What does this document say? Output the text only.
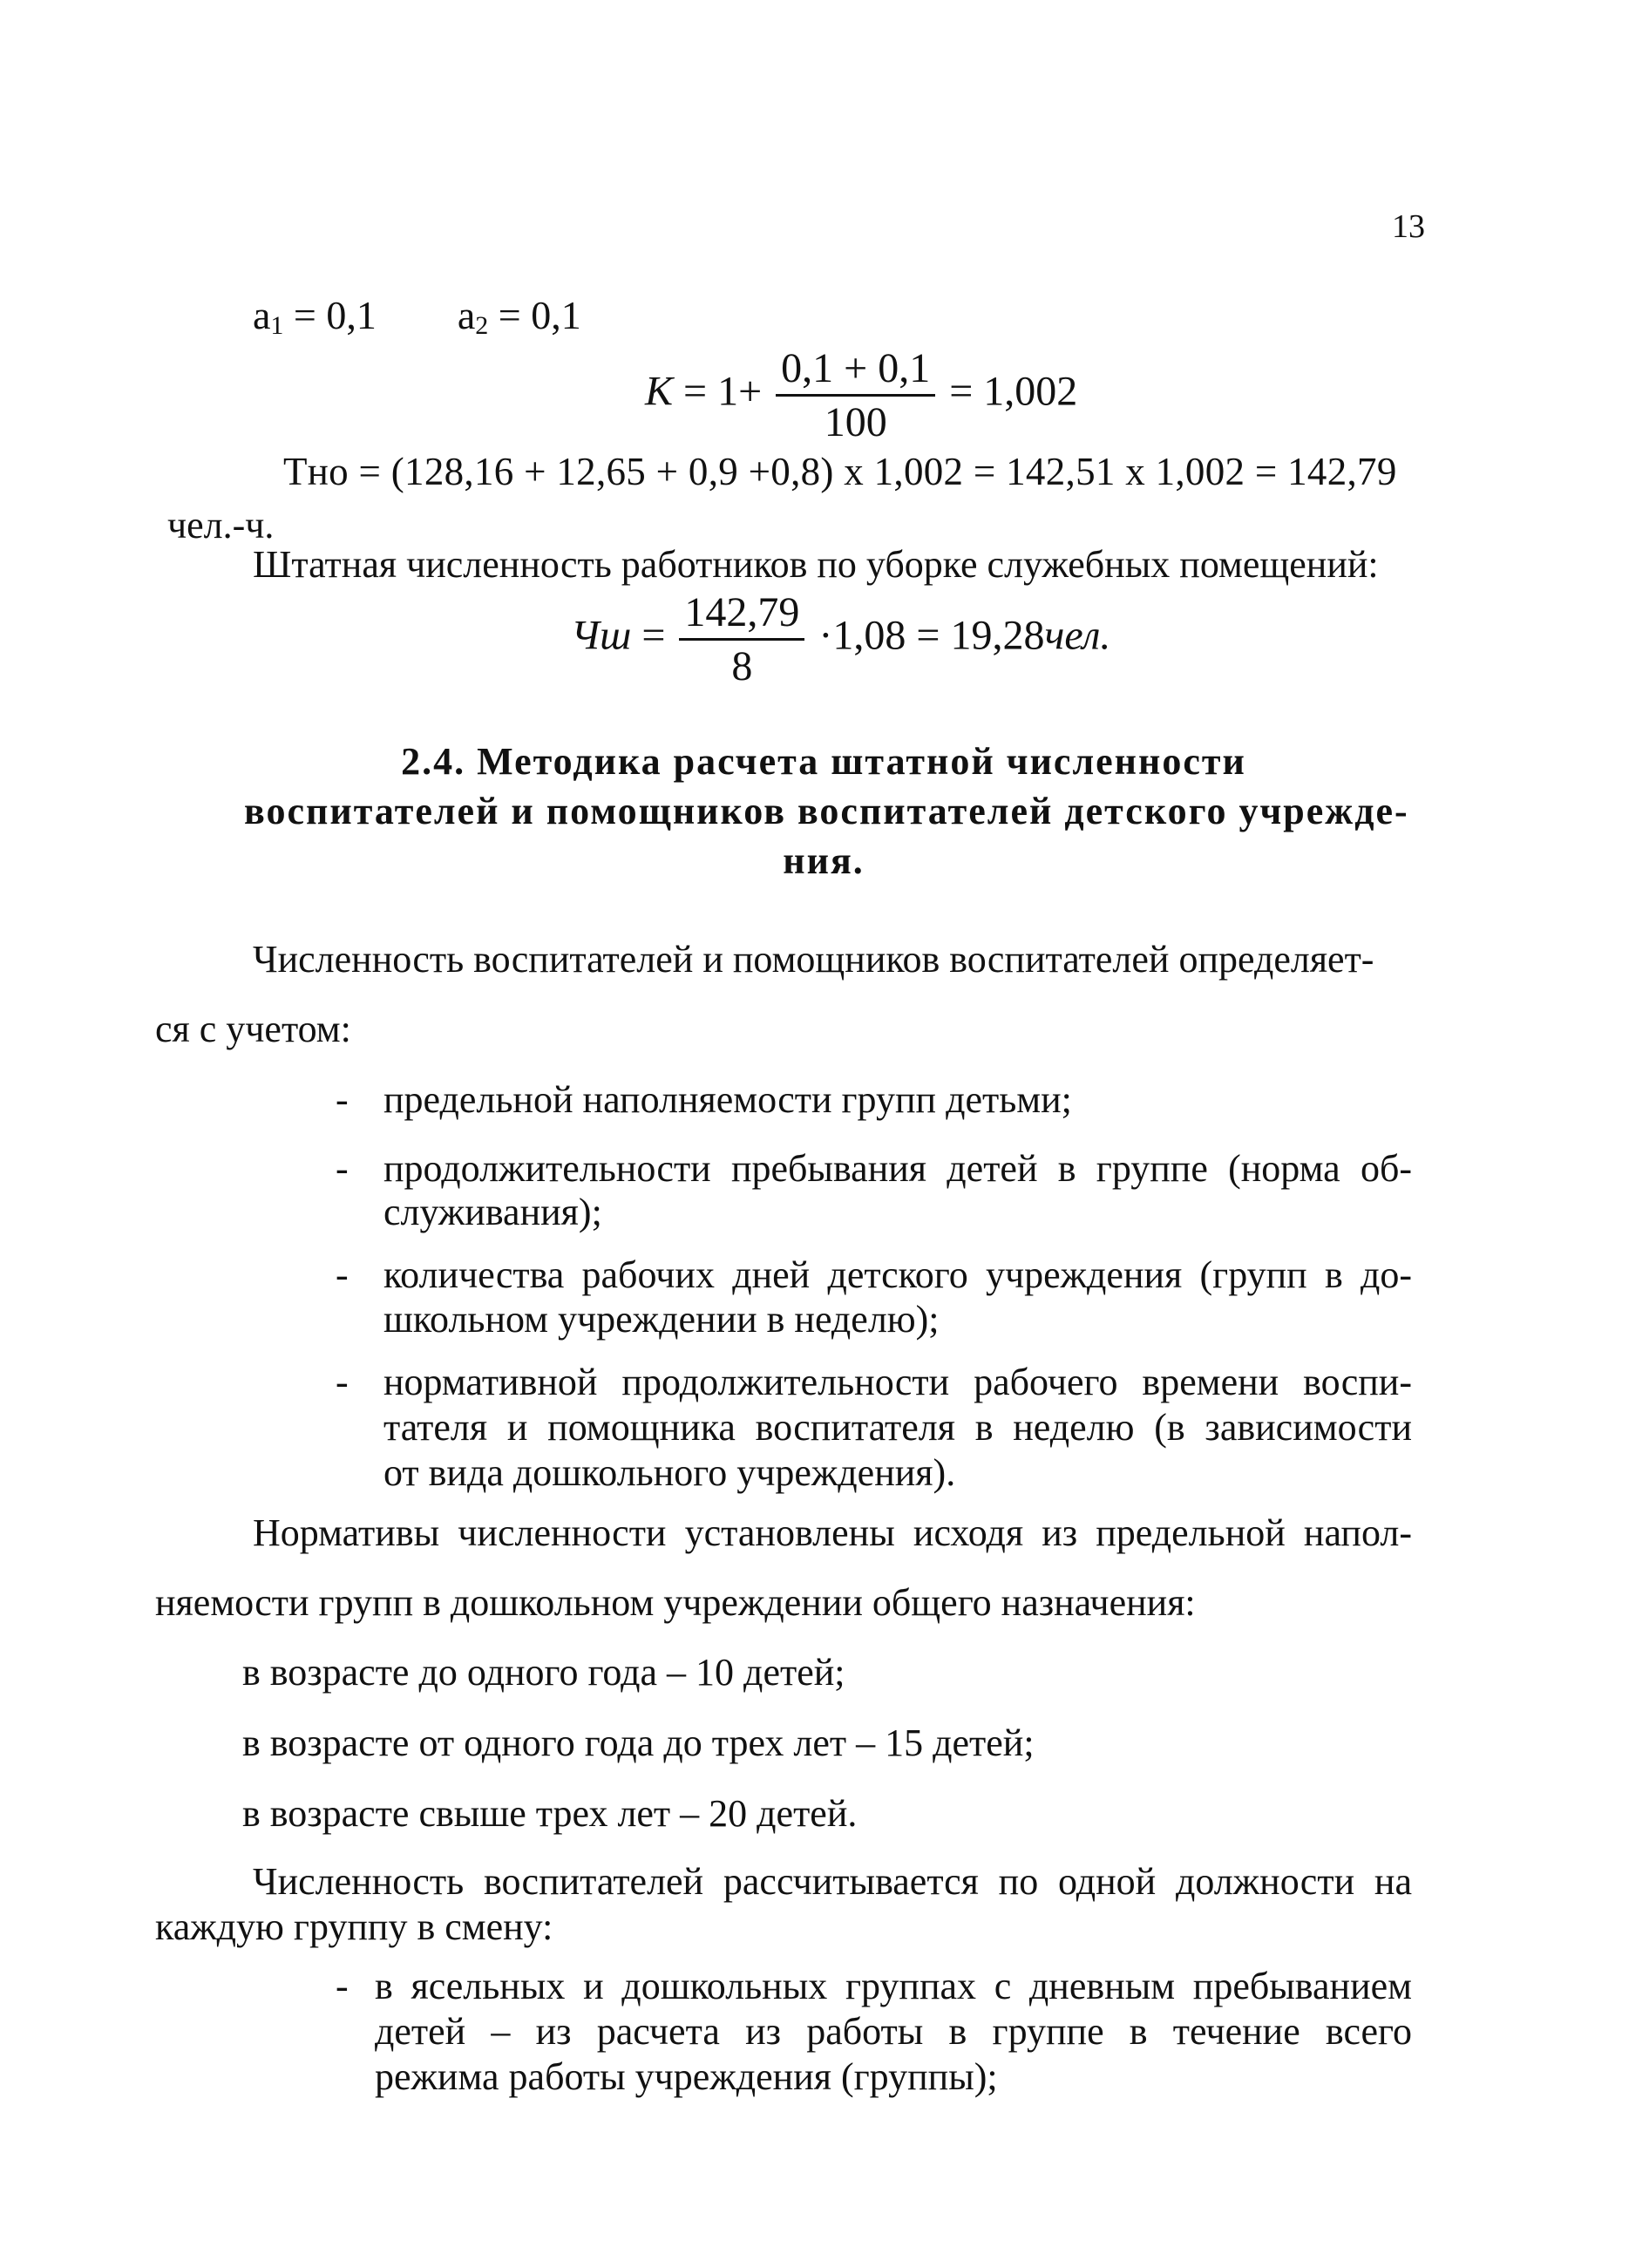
13
$a_1 = 0,1$ $a_2 = 0,1$
$K = 1+ \frac{0,1 + 0,1}{100} = 1,002$
Тно = (128,16 + 12,65 + 0,9 +0,8) х 1,002 = 142,51 х 1,002 = 142,79
чел.-ч.
Штатная численность работников по уборке служебных помещений:
Чш = $\frac{142,79}{8} \cdot 1,08 = 19,28чел$.
2.4. Методика расчета штатной численности
воспитателей и помощников воспитателей детского учрежде-
ния.
Численность воспитателей и помощников воспитателей определяет-
ся с учетом:
- предельной наполняемости групп детьми;
- продолжительности пребывания детей в группе (норма об-
служивания);
- количества рабочих дней детского учреждения (групп в до-
школьном учреждении в неделю);
- нормативной продолжительности рабочего времени воспи-
тателя и помощника воспитателя в неделю (в зависимости
от вида дошкольного учреждения).
Нормативы численности установлены исходя из предельной напол-
няемости групп в дошкольном учреждении общего назначения:
в возрасте до одного года – 10 детей;
в возрасте от одного года до трех лет – 15 детей;
в возрасте свыше трех лет – 20 детей.
Численность воспитателей рассчитывается по одной должности на
каждую группу в смену:
- в ясельных и дошкольных группах с дневным пребыванием
детей – из расчета из работы в группе в течение всего
режима работы учреждения (группы);
